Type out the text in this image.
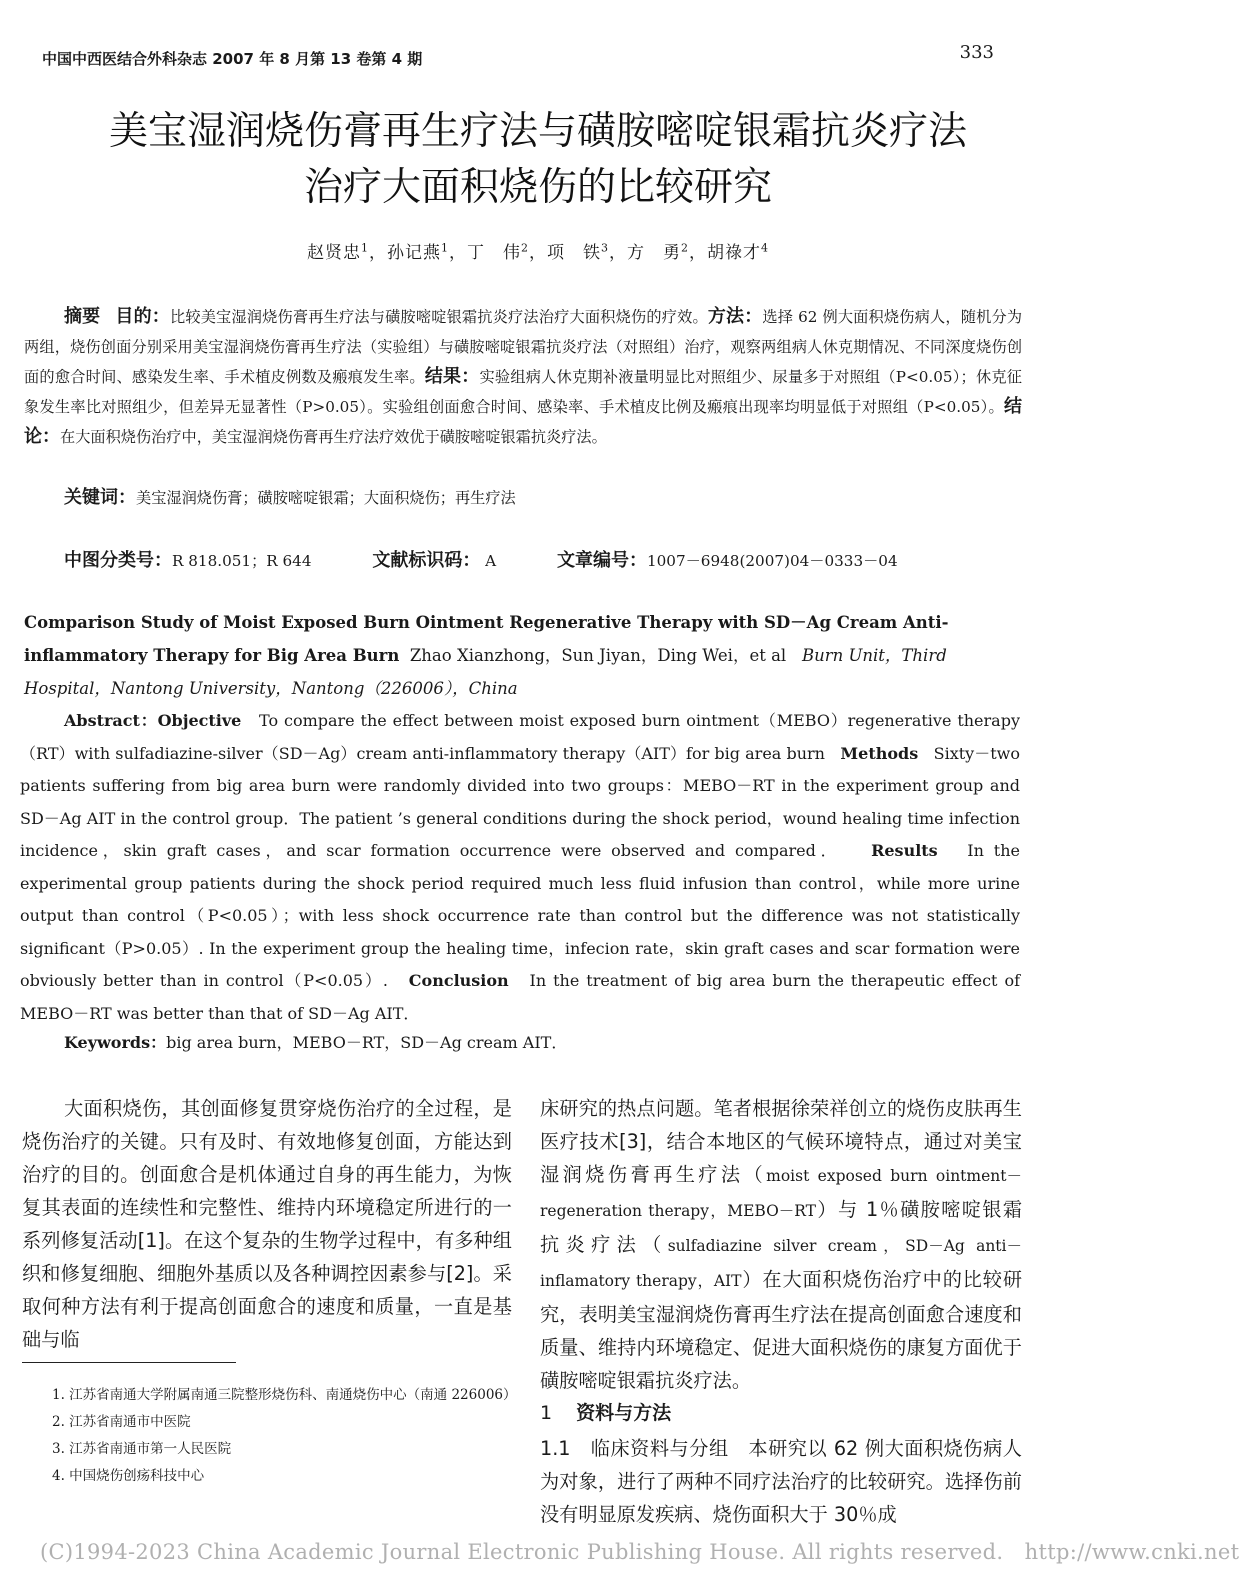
中国中西医结合外科杂志 2007 年 8 月第 13 卷第 4 期	333
美宝湿润烧伤膏再生疗法与磺胺嘧啶银霜抗炎疗法
治疗大面积烧伤的比较研究
赵贤忠$^1$，孙记燕$^1$，丁　伟$^2$，项　铁$^3$，方　勇$^2$，胡祿才$^4$
摘要 目的：比较美宝湿润烧伤膏再生疗法与磺胺嘧啶银霜抗炎疗法治疗大面积烧伤的疗效。方法：选择 62 例大面积烧伤病人，随机分为两组，烧伤创面分别采用美宝湿润烧伤膏再生疗法（实验组）与磺胺嘧啶银霜抗炎疗法（对照组）治疗，观察两组病人休克期情况、不同深度烧伤创面的愈合时间、感染发生率、手术植皮例数及瘢痕发生率。结果：实验组病人休克期补液量明显比对照组少、尿量多于对照组（P<0.05）；休克征象发生率比对照组少，但差异无显著性（P>0.05）。实验组创面愈合时间、感染率、手术植皮比例及瘢痕出现率均明显低于对照组（P<0.05）。结论：在大面积烧伤治疗中，美宝湿润烧伤膏再生疗法疗效优于磺胺嘧啶银霜抗炎疗法。
关键词：美宝湿润烧伤膏；磺胺嘧啶银霜；大面积烧伤；再生疗法
中图分类号：R 818.051；R 644	文献标识码： A	文章编号：1007－6948(2007)04－0333－04
Comparison Study of Moist Exposed Burn Ointment Regenerative Therapy with SD－Ag Cream Anti-inflammatory Therapy for Big Area Burn Zhao Xianzhong，Sun Jiyan，Ding Wei，et al Burn Unit，Third Hospital，Nantong University，Nantong（226006），China
Abstract：Objective To compare the effect between moist exposed burn ointment（MEBO）regenerative therapy（RT）with sulfadiazine-silver（SD－Ag）cream anti-inflammatory therapy（AIT）for big area burn Methods Sixty－two patients suffering from big area burn were randomly divided into two groups：MEBO－RT in the experiment group and SD－Ag AIT in the control group．The patient ’s general conditions during the shock period，wound healing time infection incidence，skin graft cases，and scar formation occurrence were observed and compared． Results In the experimental group patients during the shock period required much less fluid infusion than control，while more urine output than control（P<0.05）；with less shock occurrence rate than control but the difference was not statistically significant（P>0.05）. In the experiment group the healing time，infecion rate，skin graft cases and scar formation were obviously better than in control（P<0.05）. Conclusion In the treatment of big area burn the therapeutic effect of MEBO－RT was better than that of SD－Ag AIT．
Keywords：big area burn，MEBO－RT，SD－Ag cream AIT．
大面积烧伤，其创面修复贯穿烧伤治疗的全过程，是烧伤治疗的关键。只有及时、有效地修复创面，方能达到治疗的目的。创面愈合是机体通过自身的再生能力，为恢复其表面的连续性和完整性、维持内环境稳定所进行的一系列修复活动[1]。在这个复杂的生物学过程中，有多种组织和修复细胞、细胞外基质以及各种调控因素参与[2]。采取何种方法有利于提高创面愈合的速度和质量，一直是基础与临
床研究的热点问题。笔者根据徐荣祥创立的烧伤皮肤再生医疗技术[3]，结合本地区的气候环境特点，通过对美宝湿润烧伤膏再生疗法（moist exposed burn ointment－regeneration therapy，MEBO－RT）与 1％磺胺嘧啶银霜抗炎疗法（sulfadiazine silver cream，SD－Ag anti－inflamatory therapy，AIT）在大面积烧伤治疗中的比较研究，表明美宝湿润烧伤膏再生疗法在提高创面愈合速度和质量、维持内环境稳定、促进大面积烧伤的康复方面优于磺胺嘧啶银霜抗炎疗法。
1 资料与方法
1.1　临床资料与分组　本研究以 62 例大面积烧伤病人为对象，进行了两种不同疗法治疗的比较研究。选择伤前没有明显原发疾病、烧伤面积大于 30％成
1. 江苏省南通大学附属南通三院整形烧伤科、南通烧伤中心（南通 226006）
2. 江苏省南通市中医院
3. 江苏省南通市第一人民医院
4. 中国烧伤创疡科技中心
(C)1994-2023 China Academic Journal Electronic Publishing House. All rights reserved.　http://www.cnki.net
